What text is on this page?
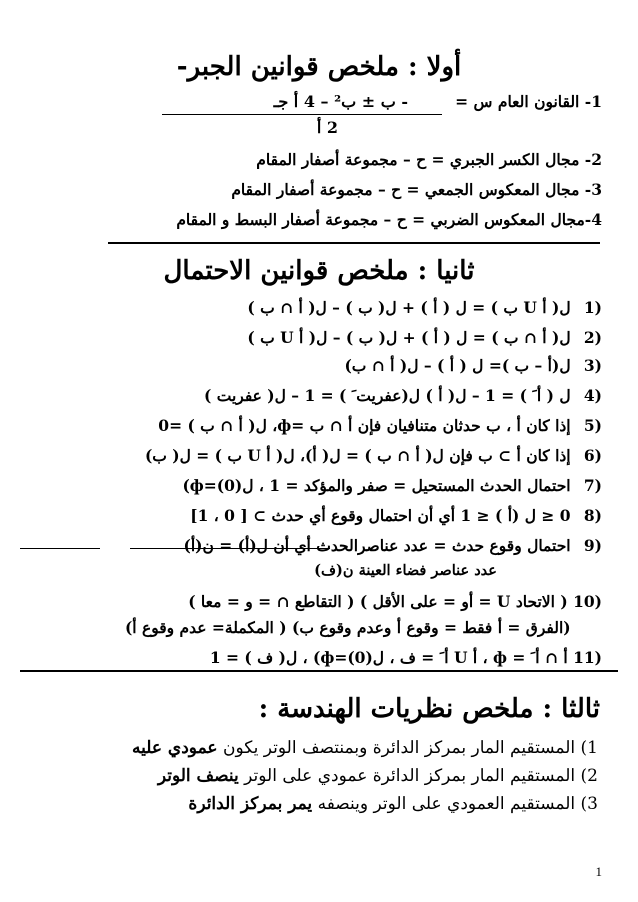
أولا : ملخص قوانين الجبر-
1- القانون العام س =
- ب ± ب² – 4 أ جـ
2 أ
2- مجال الكسر الجبري = ح – مجموعة أصفار المقام
3- مجال المعكوس الجمعي = ح – مجموعة أصفار المقام
4-مجال المعكوس الضربي = ح – مجموعة أصفار البسط و المقام
ثانيا : ملخص قوانين الاحتمال
(1 ل( أ U ب ) = ل ( أ ) + ل( ب ) – ل( أ ∩ ب )
(2 ل( أ ∩ ب ) = ل ( أ ) + ل( ب ) – ل( أ U ب )
(3 ل(أ – ب )= ل ( أ ) – ل( أ ∩ ب)
(4 ل ( أ َ ) = 1 – ل( أ ) ل(عفريت َ ) = 1 – ل( عفريت )
(5 إذا كان أ ، ب حدثان متنافيان فإن أ ∩ ب =ф، ل( أ ∩ ب ) =0
(6 إذا كان أ ⊃ ب فإن ل( أ ∩ ب ) = ل( أ)، ل( أ U ب ) = ل( ب)
(7 احتمال الحدث المستحيل = صفر والمؤكد = 1 ، ل(0)=ф)
(8 0 ≤ ل (أ ) ≤ 1 أي أن احتمال وقوع أي حدث ⊃ [ 0 ، 1]
(9 احتمال وقوع حدث = عدد عناصرالحدث أي أن ل(أ) = ن(أ)
عدد عناصر فضاء العينة ن(ف)
(10 ( الاتحاد U = أو = على الأقل ) ( التقاطع ∩ = و = معا )
(الفرق = أ فقط = وقوع أ وعدم وقوع ب) ( المكملة= عدم وقوع أ)
(11 أ ∩ أ َ = ф ، أ U أ َ = ف ، ل(0)=ф) ، ل( ف ) = 1
ثالثا : ملخص نظريات الهندسة :
1) المستقيم المار بمركز الدائرة وبمنتصف الوتر يكون عمودي عليه
2) المستقيم المار بمركز الدائرة عمودي على الوتر ينصف الوتر
3) المستقيم العمودي على الوتر وينصفه يمر بمركز الدائرة
1
